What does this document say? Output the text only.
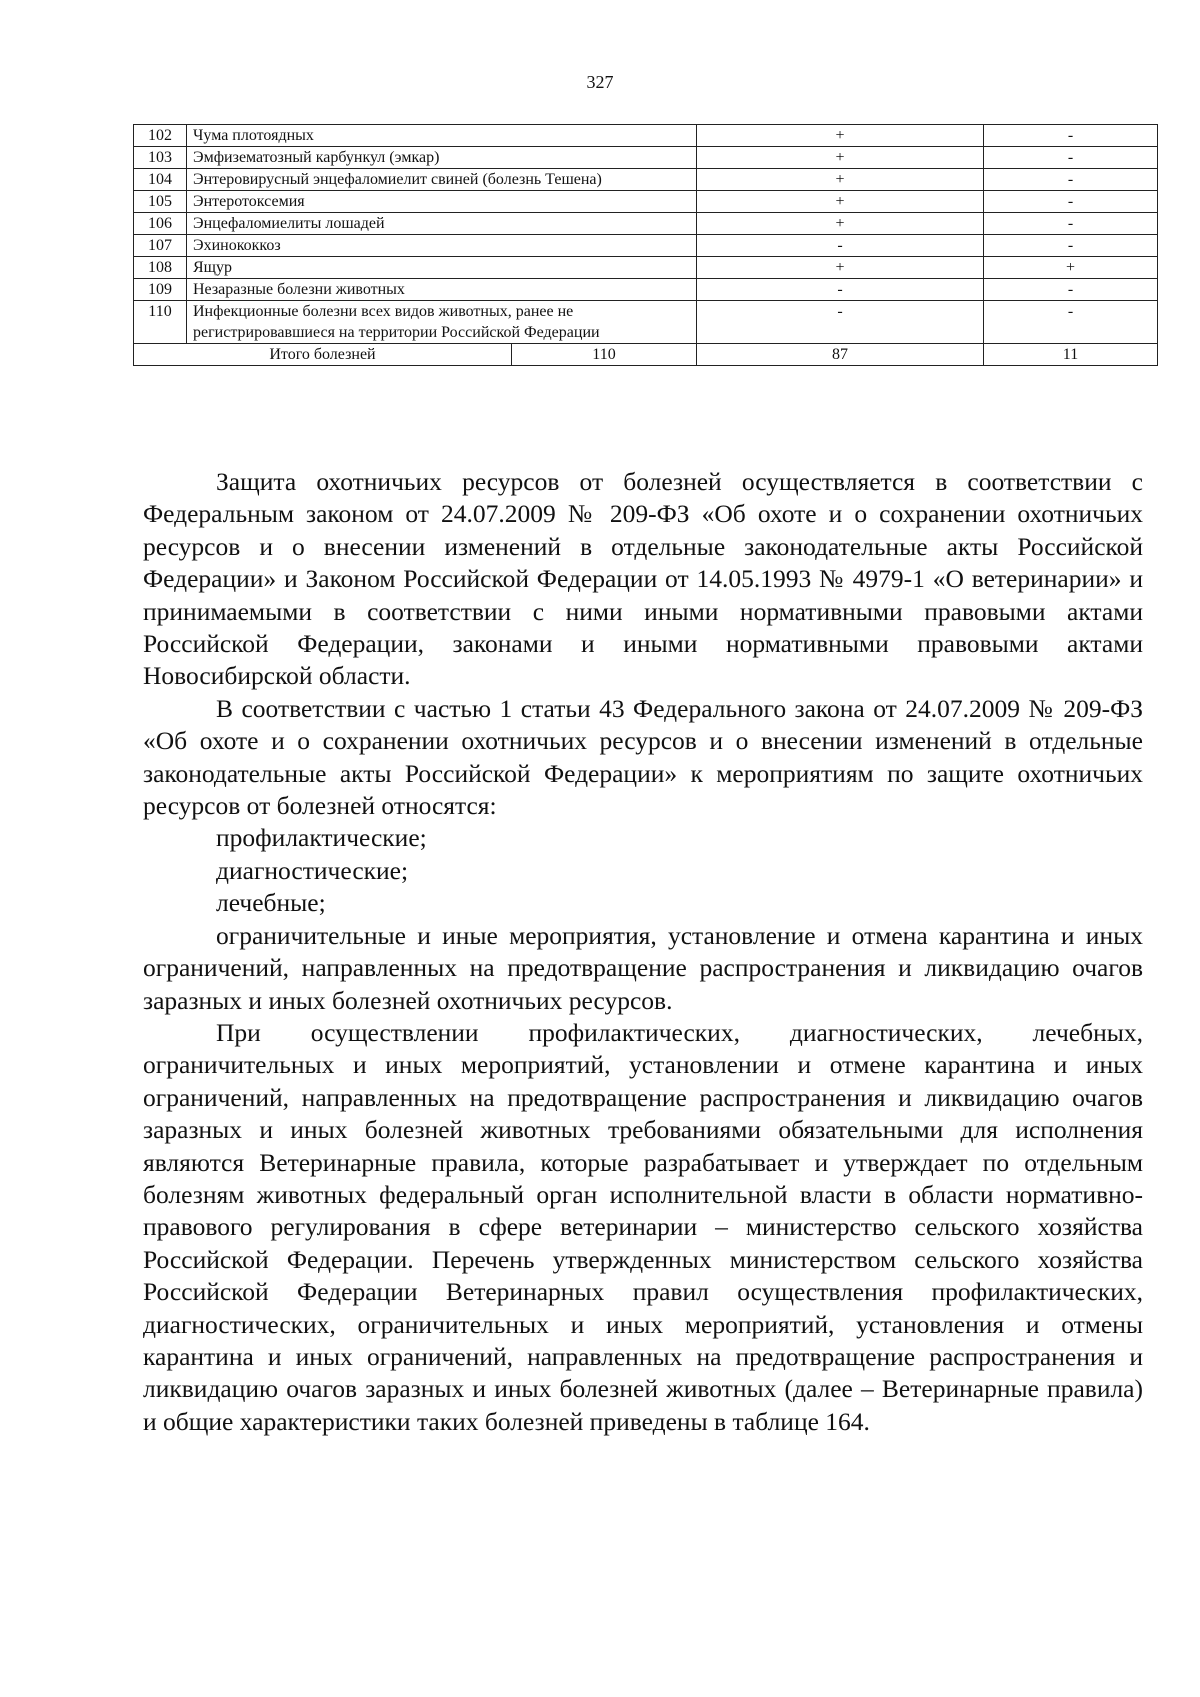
327
102	Чума плотоядных		+	-
103	Эмфизематозный карбункул (эмкар)		+	-
104	Энтеровирусный энцефаломиелит свиней (болезнь Тешена)		+	-
105	Энтеротоксемия		+	-
106	Энцефаломиелиты лошадей		+	-
107	Эхинококкоз		-	-
108	Ящур		+	+
109	Незаразные болезни животных		-	-
110	Инфекционные болезни всех видов животных, ранее не регистрировавшиеся на территории Российской Федерации		-	-
Итого болезней		110	87	11

Защита охотничьих ресурсов от болезней осуществляется в соответствии с Федеральным законом от 24.07.2009 № 209-ФЗ «Об охоте и о сохранении охотничьих ресурсов и о внесении изменений в отдельные законодательные акты Российской Федерации» и Законом Российской Федерации от 14.05.1993 № 4979-1 «О ветеринарии» и принимаемыми в соответствии с ними иными нормативными правовыми актами Российской Федерации, законами и иными нормативными правовыми актами Новосибирской области.

В соответствии с частью 1 статьи 43 Федерального закона от 24.07.2009 № 209-ФЗ «Об охоте и о сохранении охотничьих ресурсов и о внесении изменений в отдельные законодательные акты Российской Федерации» к мероприятиям по защите охотничьих ресурсов от болезней относятся:

профилактические;

диагностические;

лечебные;

ограничительные и иные мероприятия, установление и отмена карантина и иных ограничений, направленных на предотвращение распространения и ликвидацию очагов заразных и иных болезней охотничьих ресурсов.

При осуществлении профилактических, диагностических, лечебных, ограничительных и иных мероприятий, установлении и отмене карантина и иных ограничений, направленных на предотвращение распространения и ликвидацию очагов заразных и иных болезней животных требованиями обязательными для исполнения являются Ветеринарные правила, которые разрабатывает и утверждает по отдельным болезням животных федеральный орган исполнительной власти в области нормативно-правового регулирования в сфере ветеринарии – министерство сельского хозяйства Российской Федерации. Перечень утвержденных министерством сельского хозяйства Российской Федерации Ветеринарных правил осуществления профилактических, диагностических, ограничительных и иных мероприятий, установления и отмены карантина и иных ограничений, направленных на предотвращение распространения и ликвидацию очагов заразных и иных болезней животных (далее – Ветеринарные правила) и общие характеристики таких болезней приведены в таблице 164.
